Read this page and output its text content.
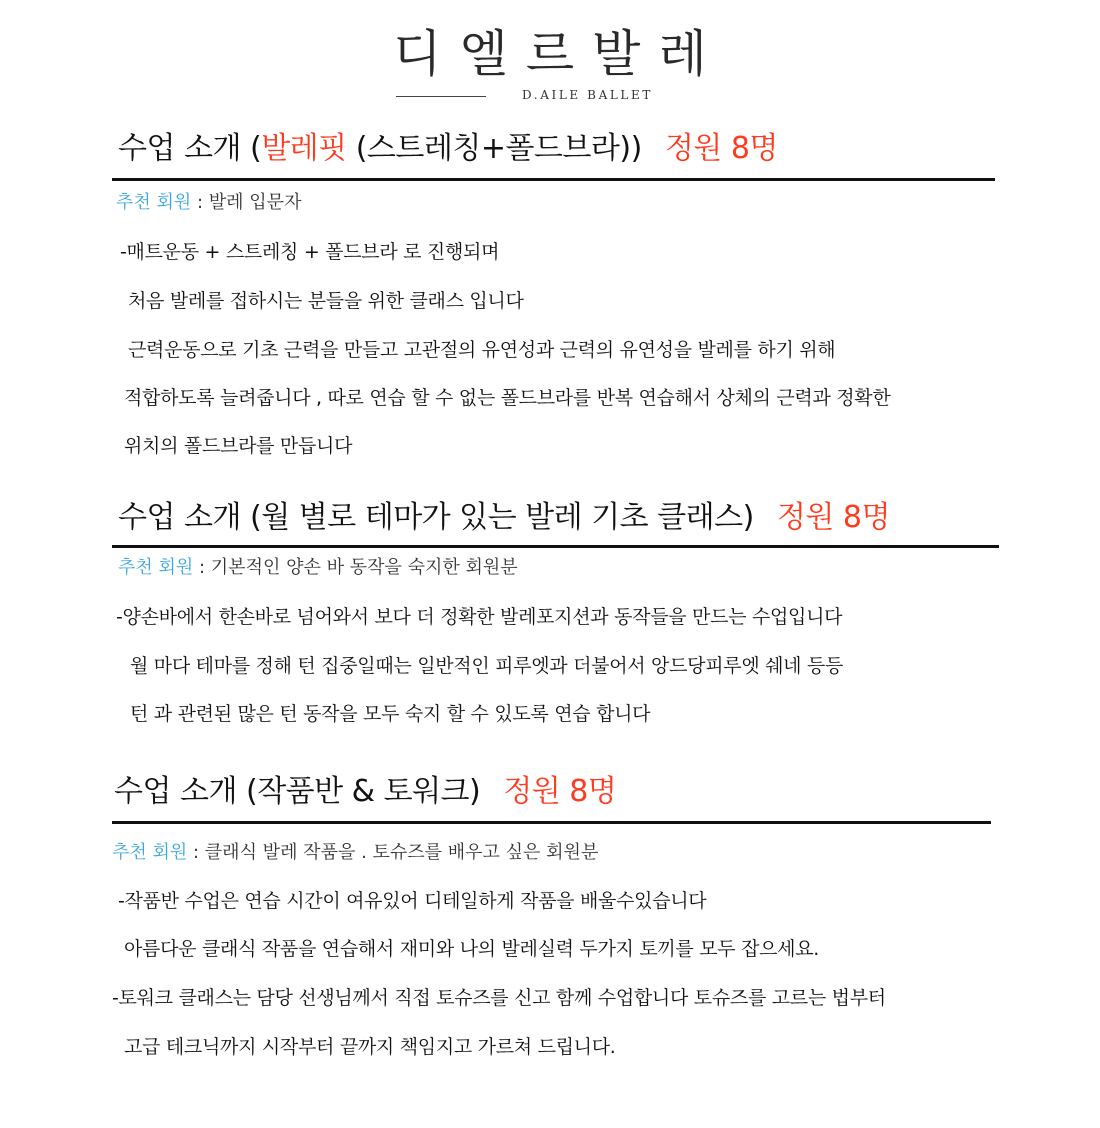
디엘르발레
D.AILE BALLET
수업 소개 (발레핏 (스트레칭+폴드브라)) 정원 8명
추천 회원 : 발레 입문자
-매트운동 + 스트레칭 + 폴드브라 로 진행되며
처음 발레를 접하시는 분들을 위한 클래스 입니다
근력운동으로 기초 근력을 만들고 고관절의 유연성과 근력의 유연성을 발레를 하기 위해
적합하도록 늘려줍니다 , 따로 연습 할 수 없는 폴드브라를 반복 연습해서 상체의 근력과 정확한
위치의 폴드브라를 만듭니다
수업 소개 (월 별로 테마가 있는 발레 기초 클래스) 정원 8명
추천 회원 : 기본적인 양손 바 동작을 숙지한 회원분
-양손바에서 한손바로 넘어와서 보다 더 정확한 발레포지션과 동작들을 만드는 수업입니다
월 마다 테마를 정해 턴 집중일때는 일반적인 피루엣과 더불어서 앙드당피루엣 쉐네 등등
턴 과 관련된 많은 턴 동작을 모두 숙지 할 수 있도록 연습 합니다
수업 소개 (작품반 & 토워크) 정원 8명
추천 회원 : 클래식 발레 작품을 . 토슈즈를 배우고 싶은 회원분
-작품반 수업은 연습 시간이 여유있어 디테일하게 작품을 배울수있습니다
아름다운 클래식 작품을 연습해서 재미와 나의 발레실력 두가지 토끼를 모두 잡으세요.
-토워크 클래스는 담당 선생님께서 직접 토슈즈를 신고 함께 수업합니다 토슈즈를 고르는 법부터
고급 테크닉까지 시작부터 끝까지 책임지고 가르쳐 드립니다.
